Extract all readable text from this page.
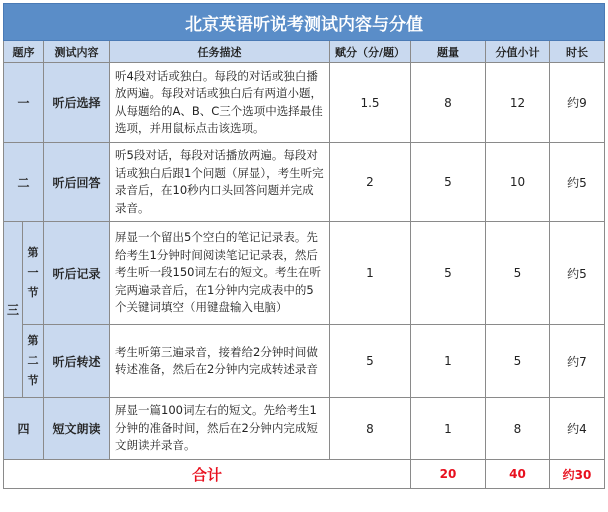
北京英语听说考测试内容与分值							
题序		测试内容	任务描述	赋分（分/题）	题量	分值小计	时长
一		听后选择	听4段对话或独白。每段的对话或独白播放两遍。每段对话或独白后有两道小题，从每题给的A、B、C三个选项中选择最佳选项，并用鼠标点击该选项。	1.5	8	12	约9
二		听后回答	听5段对话，每段对话播放两遍。每段对话或独白后跟1个问题（屏显），考生听完录音后，在10秒内口头回答问题并完成录音。	2	5	10	约5
三	第一节	听后记录	屏显一个留出5个空白的笔记记录表。先给考生1分钟时间阅读笔记记录表，然后考生听一段150词左右的短文。考生在听完两遍录音后，在1分钟内完成表中的5个关键词填空（用键盘输入电脑）	1	5	5	约5
	第二节	听后转述	考生听第三遍录音，接着给2分钟时间做转述准备，然后在2分钟内完成转述录音	5	1	5	约7
四		短文朗读	屏显一篇100词左右的短文。先给考生1分钟的准备时间，然后在2分钟内完成短文朗读并录音。	8	1	8	约4
合计					20	40	约30
